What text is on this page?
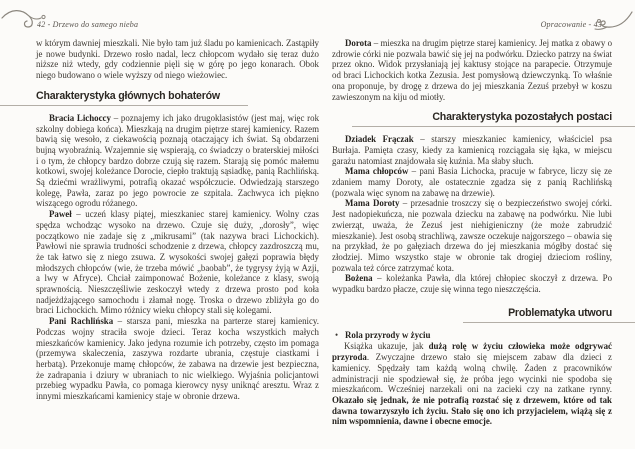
42 - Drzewo do samego nieba	Opracowanie - 43

w którym dawniej mieszkali. Nie było tam już śladu po kamienicach. Zastąpiły je nowe budynki. Drzewo rosło nadal, lecz chłopcom wydało się teraz dużo niższe niż wtedy, gdy codziennie pięli się w górę po jego konarach. Obok niego budowano o wiele wyższy od niego wieżowiec.

Charakterystyka głównych bohaterów

Bracia Lichoccy – poznajemy ich jako drugoklasistów (jest maj, więc rok szkolny dobiega końca). Mieszkają na drugim piętrze starej kamienicy. Razem bawią się wesoło, z ciekawością poznają otaczający ich świat. Są obdarzeni bujną wyobraźnią. Wzajemnie się wspierają, co świadczy o braterskiej miłości i o tym, że chłopcy bardzo dobrze czują się razem. Starają się pomóc małemu kotkowi, swojej koleżance Dorocie, ciepło traktują sąsiadkę, panią Rachlińską. Są dziećmi wrażliwymi, potrafią okazać współczucie. Odwiedzają starszego kolegę, Pawła, zaraz po jego powrocie ze szpitala. Zachwyca ich piękno wiszącego ogrodu różanego.

Paweł – uczeń klasy piątej, mieszkaniec starej kamienicy. Wolny czas spędza wchodząc wysoko na drzewo. Czuje się duży, „dorosły”, więc początkowo nie zadaje się z „mikrusami” (tak nazywa braci Lichockich). Pawłowi nie sprawia trudności schodzenie z drzewa, chłopcy zazdroszczą mu, że tak łatwo się z niego zsuwa. Z wysokości swojej gałęzi poprawia błędy młodszych chłopców (wie, że trzeba mówić „baobab”, że tygrysy żyją w Azji, a lwy w Afryce). Chciał zaimponować Bożenie, koleżance z klasy, swoją sprawnością. Nieszczęśliwie zeskoczył wtedy z drzewa prosto pod koła nadjeżdżającego samochodu i złamał nogę. Troska o drzewo zbliżyła go do braci Lichockich. Mimo różnicy wieku chłopcy stali się kolegami.

Pani Rachlińska – starsza pani, mieszka na parterze starej kamienicy. Podczas wojny straciła swoje dzieci. Teraz kocha wszystkich małych mieszkańców kamienicy. Jako jedyna rozumie ich potrzeby, często im pomaga (przemywa skaleczenia, zaszywa rozdarte ubrania, częstuje ciastkami i herbatą). Przekonuje mamę chłopców, że zabawa na drzewie jest bezpieczna, że zadrapania i dziury w ubraniach to nic wielkiego. Wyjaśnia policjantowi przebieg wypadku Pawła, co pomaga kierowcy nysy uniknąć aresztu. Wraz z innymi mieszkańcami kamienicy staje w obronie drzewa.

Dorota – mieszka na drugim piętrze starej kamienicy. Jej matka z obawy o zdrowie córki nie pozwala bawić się jej na podwórku. Dziecko patrzy na świat przez okno. Widok przysłaniają jej kaktusy stojące na parapecie. Otrzymuje od braci Lichockich kotka Zezusia. Jest pomysłową dziewczynką. To właśnie ona proponuje, by drogę z drzewa do jej mieszkania Zezuś przebył w koszu zawieszonym na kiju od miotły.

Charakterystyka pozostałych postaci

Dziadek Frączak – starszy mieszkaniec kamienicy, właściciel psa Burłaja. Pamięta czasy, kiedy za kamienicą rozciągała się łąka, w miejscu garażu natomiast znajdowała się kuźnia. Ma słaby słuch.

Mama chłopców – pani Basia Lichocka, pracuje w fabryce, liczy się ze zdaniem mamy Doroty, ale ostatecznie zgadza się z panią Rachlińską (pozwala więc synom na zabawę na drzewie).

Mama Doroty – przesadnie troszczy się o bezpieczeństwo swojej córki. Jest nadopiekuńcza, nie pozwala dziecku na zabawę na podwórku. Nie lubi zwierząt, uważa, że Zezuś jest niehigieniczny (że może zabrudzić mieszkanie). Jest osobą strachliwą, zawsze oczekuje najgorszego – obawia się na przykład, że po gałęziach drzewa do jej mieszkania mógłby dostać się złodziej. Mimo wszystko staje w obronie tak drogiej dzieciom rośliny, pozwala też córce zatrzymać kota.

Bożena – koleżanka Pawła, dla której chłopiec skoczył z drzewa. Po wypadku bardzo płacze, czuje się winna tego nieszczęścia.

Problematyka utworu
• Rola przyrody w życiu

Książka ukazuje, jak dużą rolę w życiu człowieka może odgrywać przyroda. Zwyczajne drzewo stało się miejscem zabaw dla dzieci z kamienicy. Spędzały tam każdą wolną chwilę. Żaden z pracowników administracji nie spodziewał się, że próba jego wycinki nie spodoba się mieszkańcom. Wcześniej narzekali oni na zacieki czy na zatkane rynny. Okazało się jednak, że nie potrafią rozstać się z drzewem, które od tak dawna towarzyszyło ich życiu. Stało się ono ich przyjacielem, wiążą się z nim wspomnienia, dawne i obecne emocje.
